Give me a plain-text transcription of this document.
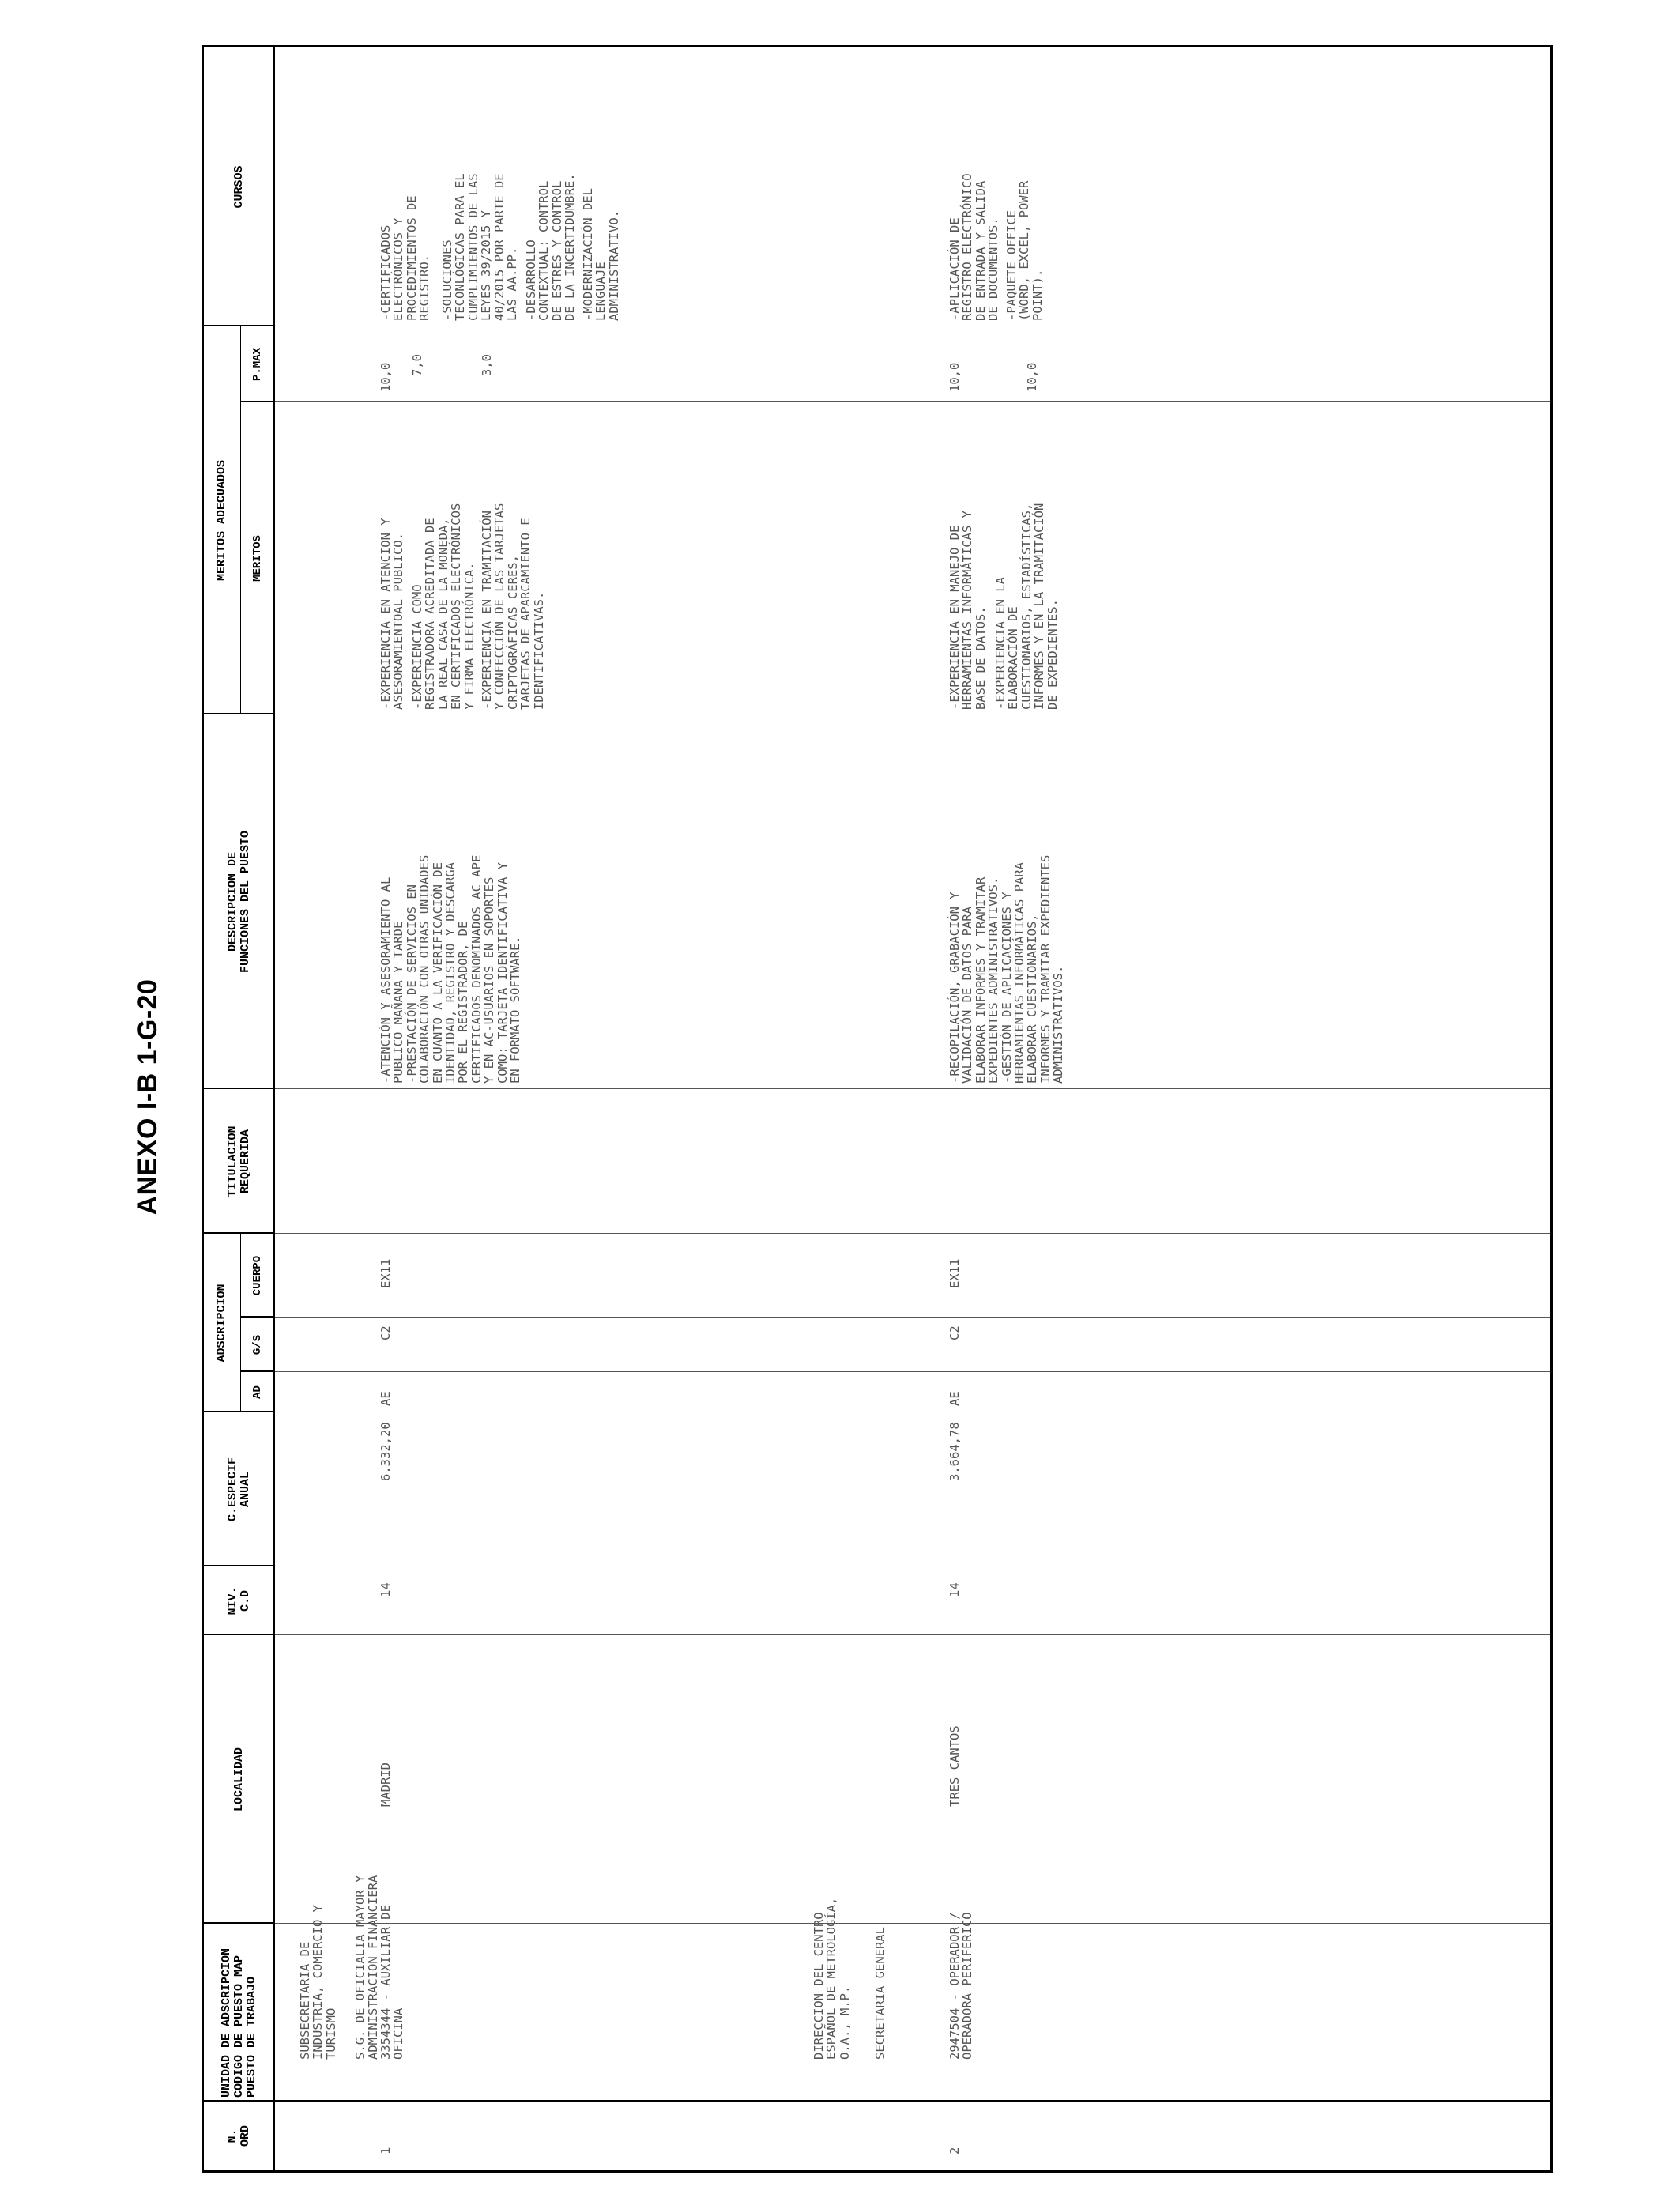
ANEXO I-B 1-G-20
N.
ORD
UNIDAD DE ADSCRIPCION
CODIGO DE PUESTO MAP
PUESTO DE TRABAJO
LOCALIDAD
NIV.
C.D
C.ESPECIF
ANUAL
ADSCRIPCION
AD
G/S
CUERPO
TITULACION
REQUERIDA
DESCRIPCION DE
FUNCIONES DEL PUESTO
MERITOS ADECUADOS	MERITOS
P.MAX
CURSOS
SUBSECRETARIA DE
INDUSTRIA, COMERCIO Y
TURISMO S.G. DE OFICIALIA MAYOR Y
ADMINISTRACION FINANCIERA
DIRECCION DEL CENTRO
ESPAÑOL DE METROLOGÍA,
O.A., M.P. SECRETARIA GENERAL
1
3354344 - AUXILIAR DE
OFICINA
MADRID
14
6.332,20
AE
C2
EX11
-ATENCIÓN Y ASESORAMIENTO AL
PUBLICO MAÑANA Y TARDE
-PRESTACIÓN DE SERVICIOS EN
COLABORACIÓN CON OTRAS UNIDADES
EN CUANTO A LA VERIFICACIÓN DE
IDENTIDAD, REGISTRO Y DESCARGA
POR EL REGISTRADOR, DE
CERTIFICADOS DENOMINADOS AC APE
Y EN AC-USUARIOS EN SOPORTES
COMO: TARJETA IDENTIFICATIVA Y
EN FORMATO SOFTWARE.
-EXPERIENCIA EN ATENCION Y
ASESORAMIENTOAL PUBLICO.
10,0
-EXPERIENCIA COMO
REGISTRADORA ACREDITADA DE
LA REAL CASA DE LA MONEDA,
EN CERTIFICADOS ELECTRÓNICOS
Y FIRMA ELECTRÓNICA.
7,0
-EXPERIENCIA EN TRAMITACIÓN
Y CONFECCIÓN DE LAS TARJETAS
CRIPTOGRÁFICAS CERES,
TARJETAS DE APARCAMIENTO E
IDENTIFICATIVAS.
3,0
-CERTIFICADOS
ELECTRÓNICOS Y
PROCEDIMIENTOS DE
REGISTRO. -SOLUCIONES
TECONLÓGICAS PARA EL
CUMPLIMIENTOS DE LAS
LEYES 39/2015 Y
40/2015 POR PARTE DE
LAS AA.PP. -DESARROLLO
CONTEXTUAL: CONTROL
DE ESTRES Y CONTROL
DE LA INCERTIDUMBRE. -MODERNIZACIÓN DEL
LENGUAJE
ADMINISTRATIVO.
2
2947504 - OPERADOR /
OPERADORA PERIFERICO
TRES CANTOS
14
3.664,78
AE
C2
EX11
-RECOPILACIÓN, GRABACIÓN Y
VALIDACIÓN DE DATOS PARA
ELABORAR INFORMES Y TRAMITAR
EXPEDIENTES ADMINISTRATIVOS.
-GESTIÓN DE APLICACIONES Y
HERRAMIENTAS INFORMÁTICAS PARA
ELABORAR CUESTIONARIOS,
INFORMES Y TRAMITAR EXPEDIENTES
ADMINISTRATIVOS.
-EXPERIENCIA EN MANEJO DE
HERRAMIENTAS INFORMÁTICAS Y
BASE DE DATOS.
10,0
-EXPERIENCIA EN LA
ELABORACIÓN DE
CUESTIONARIOS, ESTADÍSTICAS,
INFORMES Y EN LA TRAMITACIÓN
DE EXPEDIENTES.
10,0
-APLICACIÓN DE
REGISTRO ELECTRÓNICO
DE ENTRADA Y SALIDA
DE DOCUMENTOS. -PAQUETE OFFICE
(WORD, EXCEL, POWER
POINT).
